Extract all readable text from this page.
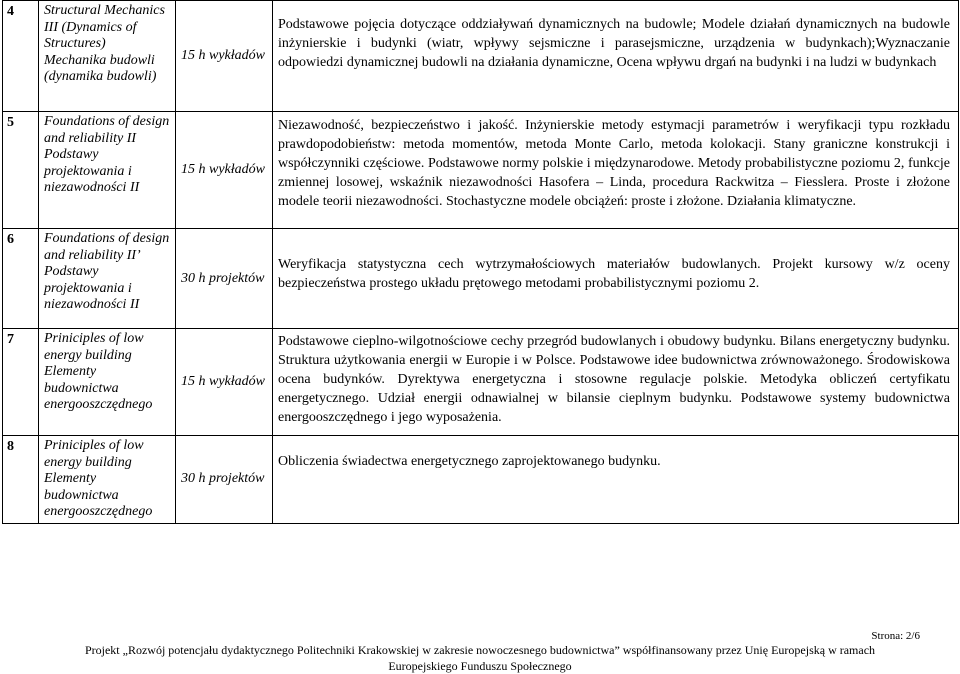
4	Structural Mechanics III (Dynamics of Structures) Mechanika budowli (dynamika budowli)	15 h wykładów	Podstawowe pojęcia dotyczące oddziaływań dynamicznych na budowle; Modele działań dynamicznych na budowle inżynierskie i budynki (wiatr, wpływy sejsmiczne i parasejsmiczne, urządzenia w budynkach);Wyznaczanie odpowiedzi dynamicznej budowli na działania dynamiczne, Ocena wpływu drgań na budynki i na ludzi w budynkach

5	Foundations of design and reliability II Podstawy projektowania i niezawodności II	15 h wykładów	Niezawodność, bezpieczeństwo i jakość. Inżynierskie metody estymacji parametrów i weryfikacji typu rozkładu prawdopodobieństw: metoda momentów, metoda Monte Carlo, metoda kolokacji. Stany graniczne konstrukcji i współczynniki częściowe. Podstawowe normy polskie i międzynarodowe. Metody probabilistyczne poziomu 2, funkcje zmiennej losowej, wskaźnik niezawodności Hasofera – Linda, procedura Rackwitza – Fiesslera. Proste i złożone modele teorii niezawodności. Stochastyczne modele obciążeń: proste i złożone. Działania klimatyczne.

6	Foundations of design and reliability II’ Podstawy projektowania i niezawodności II	30 h projektów	Weryfikacja statystyczna cech wytrzymałościowych materiałów budowlanych. Projekt kursowy w/z oceny bezpieczeństwa prostego układu prętowego metodami probabilistycznymi poziomu 2.

7	Priniciples of low energy building Elementy budownictwa energooszczędnego	15 h wykładów	Podstawowe cieplno-wilgotnościowe cechy przegród budowlanych i obudowy budynku. Bilans energetyczny budynku. Struktura użytkowania energii w Europie i w Polsce. Podstawowe idee budownictwa zrównoważonego. Środowiskowa ocena budynków. Dyrektywa energetyczna i stosowne regulacje polskie. Metodyka obliczeń certyfikatu energetycznego. Udział energii odnawialnej w bilansie cieplnym budynku. Podstawowe systemy budownictwa energooszczędnego i jego wyposażenia.

8	Priniciples of low energy building Elementy budownictwa energooszczędnego	30 h projektów	Obliczenia świadectwa energetycznego zaprojektowanego budynku.

Strona: 2/6
Projekt „Rozwój potencjału dydaktycznego Politechniki Krakowskiej w zakresie nowoczesnego budownictwa” współfinansowany przez Unię Europejską w ramach
Europejskiego Funduszu Społecznego
